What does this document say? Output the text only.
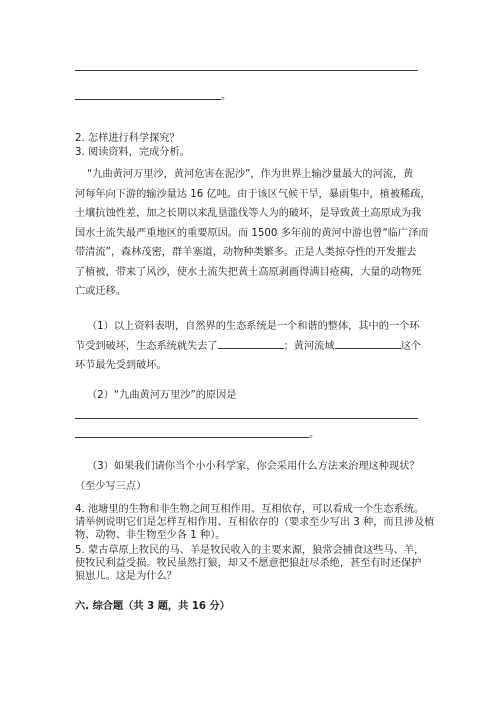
。
2. 怎样进行科学探究？
3. 阅读资料，完成分析。
“九曲黄河万里沙，黄河危害在泥沙”，作为世界上输沙量最大的河流，黄
河每年向下游的输沙量达 16 亿吨。由于该区气候干旱，暴雨集中，植被稀疏，
土壤抗蚀性差，加之长期以来乱垦滥伐等人为的破坏，是导致黄土高原成为我
国水土流失最严重地区的重要原因。而 1500 多年前的黄河中游也曾“临广泽而
带清流”，森林茂密，群羊塞道，动物种类繁多。正是人类掠夺性的开发摧去
了植被，带来了风沙，使水土流失把黄土高原剥画得满目疮痍，大量的动物死
亡或迁移。
（1）以上资料表明，自然界的生态系统是一个和谐的整体，其中的一个环
节受到破坏，生态系统就失去了	；黄河流域	这个
环节最先受到破坏。
（2）“九曲黄河万里沙”的原因是
。
（3）如果我们请你当个小小科学家，你会采用什么方法来治理这种现状？
（至少写三点）
4. 池塘里的生物和非生物之间互相作用、互相依存，可以看成一个生态系统。
请举例说明它们是怎样互相作用、互相依存的（要求至少写出 3 种，而且涉及植
物、动物、非生物至少各 1 种）。
5. 蒙古草原上牧民的马、羊是牧民收入的主要来源，狼常会捕食这些马、羊，
使牧民利益受损。牧民虽然打狼，却又不愿意把狼赶尽杀绝，甚至有时还保护
狼崽儿。这是为什么？
六. 综合题（共 3 题，共 16 分）
